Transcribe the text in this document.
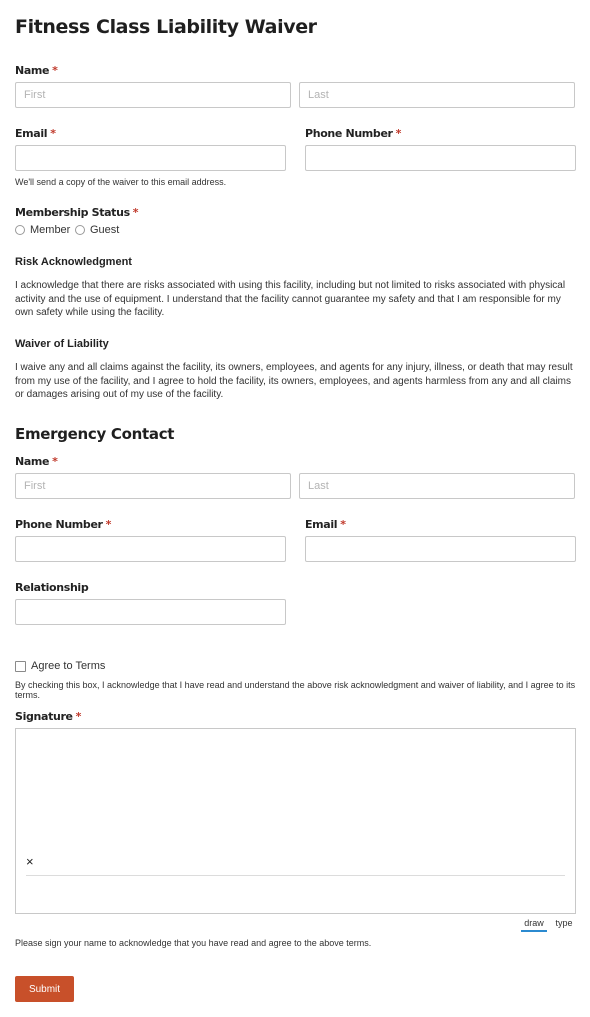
Fitness Class Liability Waiver
Name *
First
Last
Email *
We'll send a copy of the waiver to this email address.
Phone Number *
Membership Status *
Member Guest
Risk Acknowledgment
I acknowledge that there are risks associated with using this facility, including but not limited to risks associated with physical activity and the use of equipment. I understand that the facility cannot guarantee my safety and that I am responsible for my own safety while using the facility.
Waiver of Liability
I waive any and all claims against the facility, its owners, employees, and agents for any injury, illness, or death that may result from my use of the facility, and I agree to hold the facility, its owners, employees, and agents harmless from any and all claims or damages arising out of my use of the facility.
Emergency Contact
Name *
First
Last
Phone Number *	Email *
Relationship
Agree to Terms
By checking this box, I acknowledge that I have read and understand the above risk acknowledgment and waiver of liability, and I agree to its terms.
Signature *
×
draw	type
Please sign your name to acknowledge that you have read and agree to the above terms.
Submit
